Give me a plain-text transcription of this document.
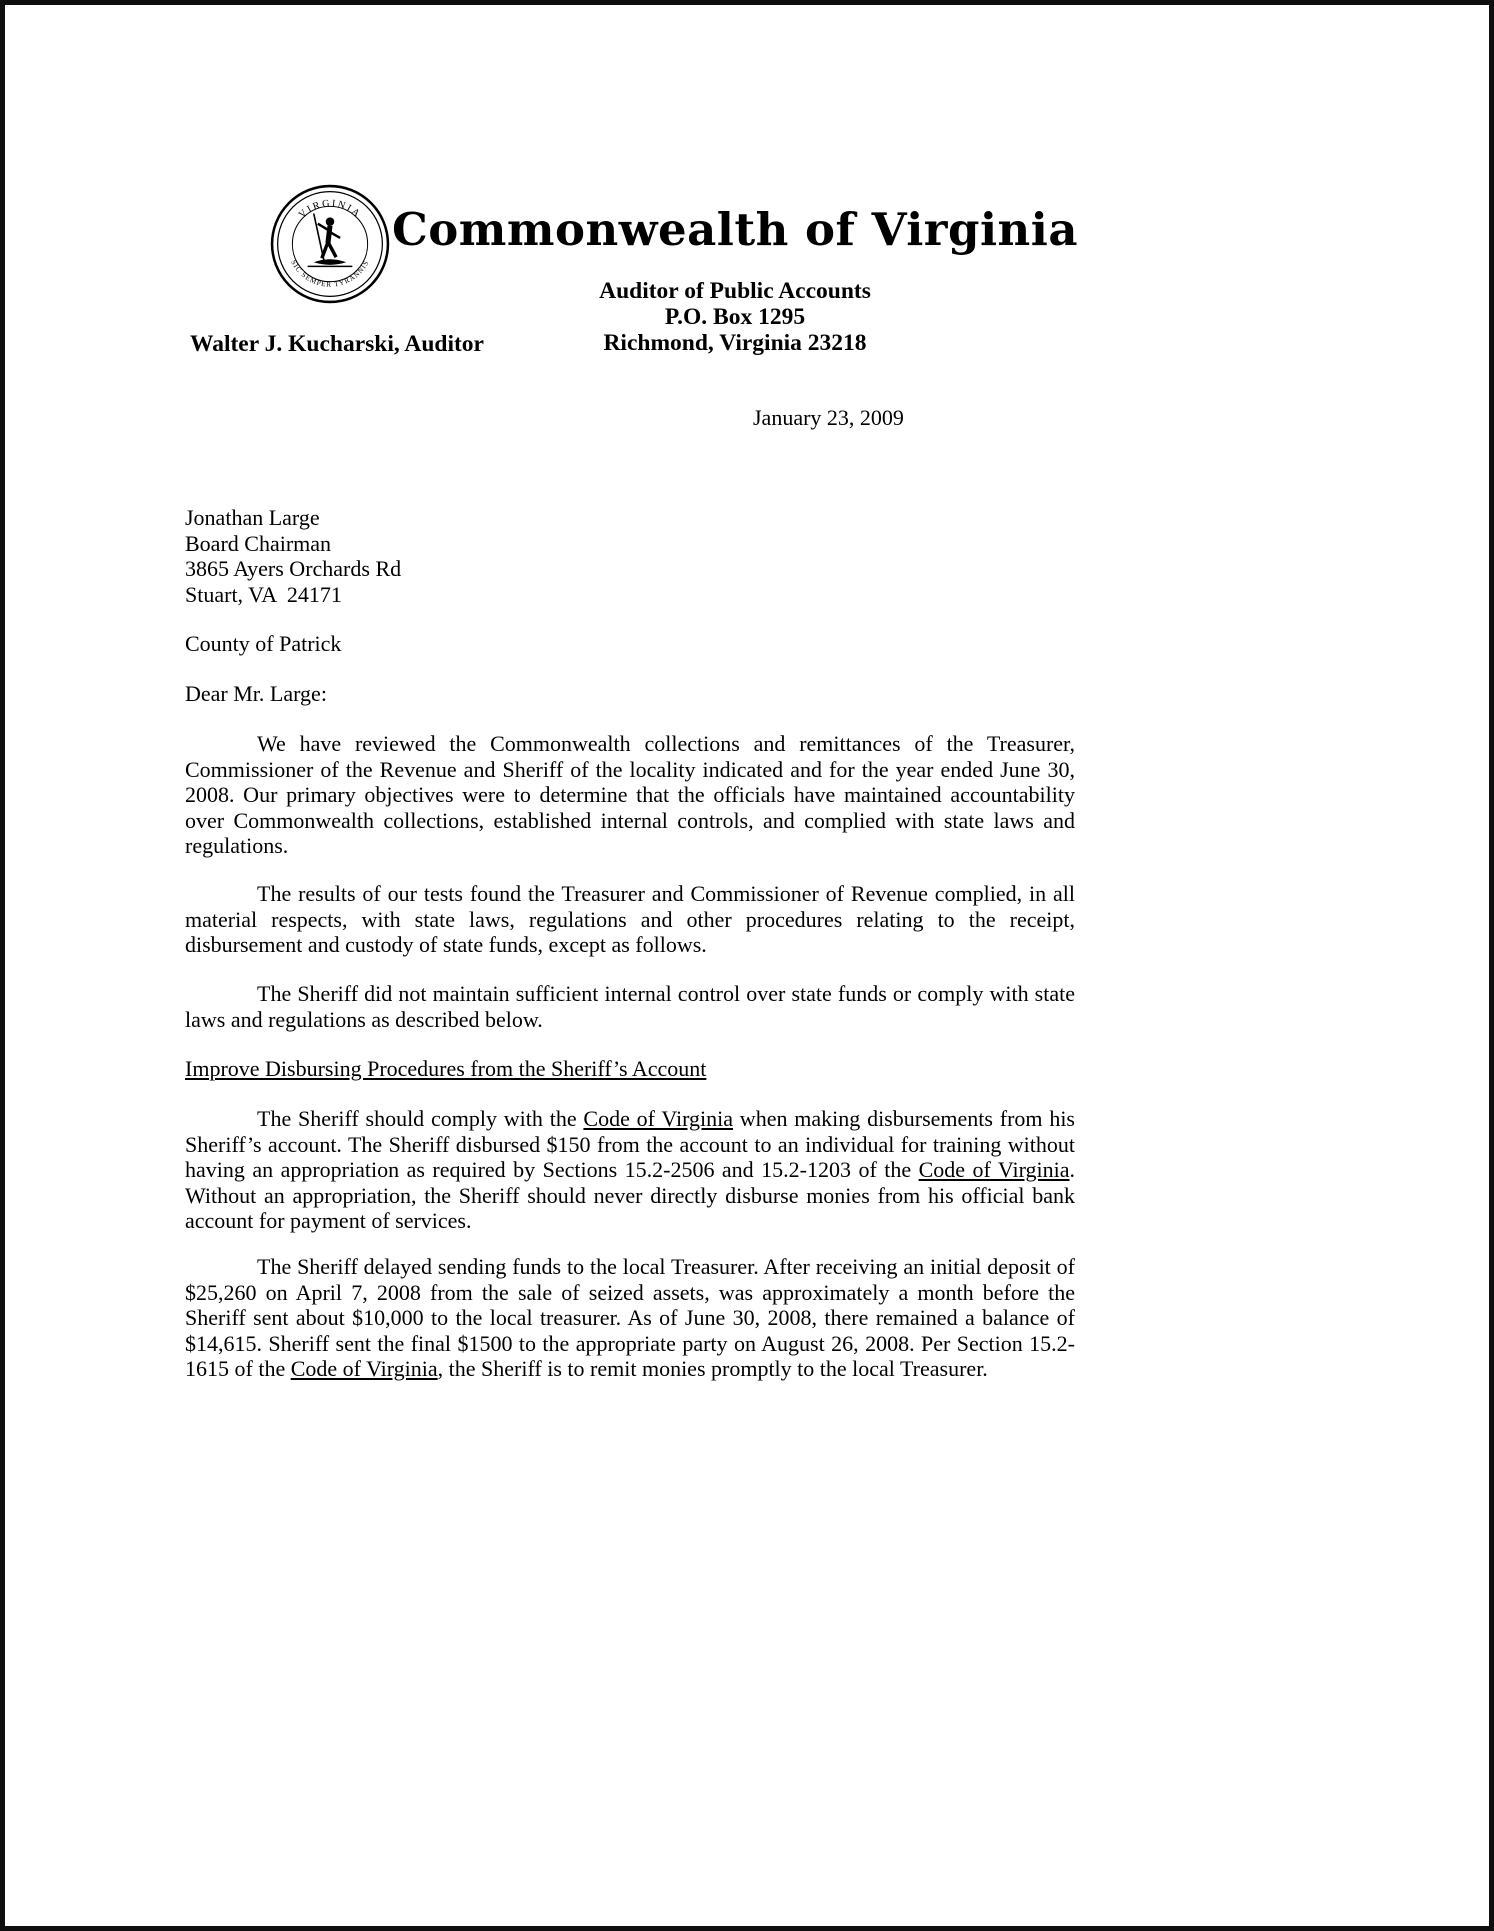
VIRGINIA
SIC SEMPER TYRANNIS
Commonwealth of Virginia
Auditor of Public Accounts
P.O. Box 1295
Richmond, Virginia 23218
Walter J. Kucharski, Auditor
January 23, 2009
Jonathan Large
Board Chairman
3865 Ayers Orchards Rd
Stuart, VA  24171
County of Patrick
Dear Mr. Large:

We have reviewed the Commonwealth collections and remittances of the Treasurer, Commissioner of the Revenue and Sheriff of the locality indicated and for the year ended June 30, 2008. Our primary objectives were to determine that the officials have maintained accountability over Commonwealth collections, established internal controls, and complied with state laws and regulations.

The results of our tests found the Treasurer and Commissioner of Revenue complied, in all material respects, with state laws, regulations and other procedures relating to the receipt, disbursement and custody of state funds, except as follows.

The Sheriff did not maintain sufficient internal control over state funds or comply with state laws and regulations as described below.

Improve Disbursing Procedures from the Sheriff’s Account

The Sheriff should comply with the Code of Virginia when making disbursements from his Sheriff’s account. The Sheriff disbursed $150 from the account to an individual for training without having an appropriation as required by Sections 15.2-2506 and 15.2-1203 of the Code of Virginia. Without an appropriation, the Sheriff should never directly disburse monies from his official bank account for payment of services.

The Sheriff delayed sending funds to the local Treasurer. After receiving an initial deposit of $25,260 on April 7, 2008 from the sale of seized assets, was approximately a month before the Sheriff sent about $10,000 to the local treasurer. As of June 30, 2008, there remained a balance of $14,615. Sheriff sent the final $1500 to the appropriate party on August 26, 2008. Per Section 15.2-1615 of the Code of Virginia, the Sheriff is to remit monies promptly to the local Treasurer.
